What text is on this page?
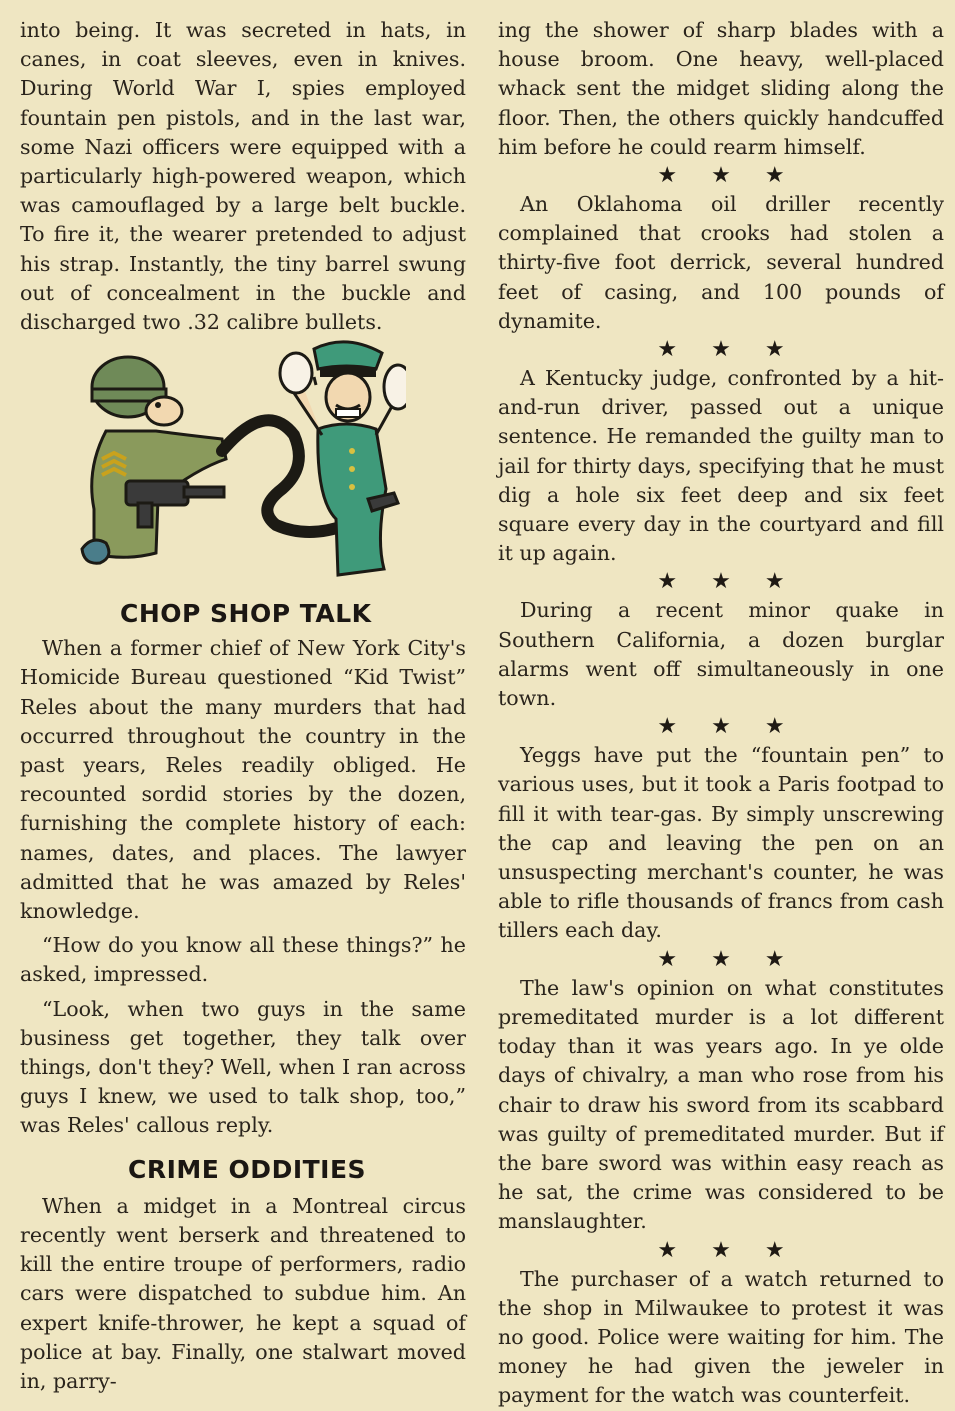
into being. It was secreted in hats, in canes, in coat sleeves, even in knives. During World War I, spies employed fountain pen pistols, and in the last war, some Nazi officers were equipped with a particularly high-powered weapon, which was camouflaged by a large belt buckle. To fire it, the wearer pretended to adjust his strap. Instantly, the tiny barrel swung out of concealment in the buckle and discharged two .32 calibre bullets.

CHOP SHOP TALK

When a former chief of New York City's Homicide Bureau questioned “Kid Twist” Reles about the many murders that had occurred throughout the country in the past years, Reles readily obliged. He recounted sordid stories by the dozen, furnishing the complete history of each: names, dates, and places. The lawyer admitted that he was amazed by Reles' knowledge.

“How do you know all these things?” he asked, impressed.

“Look, when two guys in the same business get together, they talk over things, don't they? Well, when I ran across guys I knew, we used to talk shop, too,” was Reles' callous reply.

CRIME ODDITIES

When a midget in a Montreal circus recently went berserk and threatened to kill the entire troupe of performers, radio cars were dispatched to subdue him. An expert knife-thrower, he kept a squad of police at bay. Finally, one stalwart moved in, parry-

ing the shower of sharp blades with a house broom. One heavy, well-placed whack sent the midget sliding along the floor. Then, the others quickly handcuffed him before he could rearm himself.

★★★

An Oklahoma oil driller recently complained that crooks had stolen a thirty-five foot derrick, several hundred feet of casing, and 100 pounds of dynamite.

★★★

A Kentucky judge, confronted by a hit-and-run driver, passed out a unique sentence. He remanded the guilty man to jail for thirty days, specifying that he must dig a hole six feet deep and six feet square every day in the courtyard and fill it up again.

★★★

During a recent minor quake in Southern California, a dozen burglar alarms went off simultaneously in one town.

★★★

Yeggs have put the “fountain pen” to various uses, but it took a Paris footpad to fill it with tear-gas. By simply unscrewing the cap and leaving the pen on an unsuspecting merchant's counter, he was able to rifle thousands of francs from cash tillers each day.

★★★

The law's opinion on what constitutes premeditated murder is a lot different today than it was years ago. In ye olde days of chivalry, a man who rose from his chair to draw his sword from its scabbard was guilty of premeditated murder. But if the bare sword was within easy reach as he sat, the crime was considered to be manslaughter.

★★★

The purchaser of a watch returned to the shop in Milwaukee to protest it was no good. Police were waiting for him. The money he had given the jeweler in payment for the watch was counterfeit.
